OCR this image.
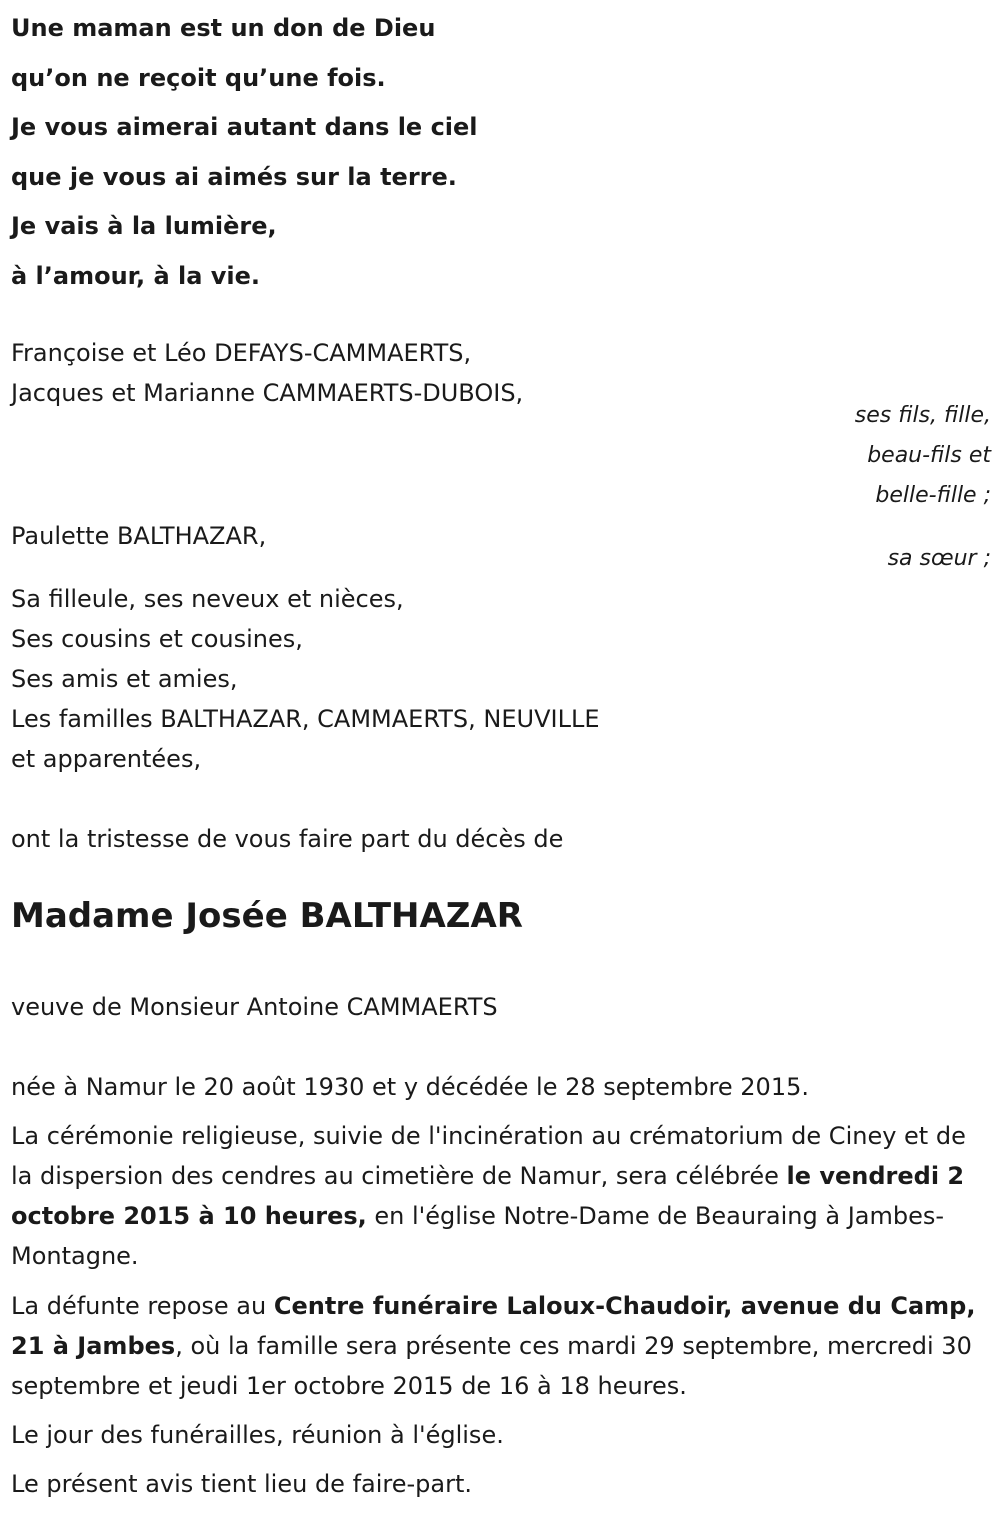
Une maman est un don de Dieu

qu’on ne reçoit qu’une fois.

Je vous aimerai autant dans le ciel

que je vous ai aimés sur la terre.

Je vais à la lumière,

à l’amour, à la vie.

Françoise et Léo DEFAYS-CAMMAERTS,
Jacques et Marianne CAMMAERTS-DUBOIS,
ses fils, fille,
beau-fils et
belle-fille ;
Paulette BALTHAZAR,
sa sœur ;
Sa filleule, ses neveux et nièces,
Ses cousins et cousines,
Ses amis et amies,
Les familles BALTHAZAR, CAMMAERTS, NEUVILLE
et apparentées,
ont la tristesse de vous faire part du décès de
Madame Josée BALTHAZAR
veuve de Monsieur Antoine CAMMAERTS

née à Namur le 20 août 1930 et y décédée le 28 septembre 2015.

La cérémonie religieuse, suivie de l'incinération au crématorium de Ciney et de la dispersion des cendres au cimetière de Namur, sera célébrée le vendredi 2 octobre 2015 à 10 heures, en l'église Notre-Dame de Beauraing à Jambes-Montagne.

La défunte repose au Centre funéraire Laloux-Chaudoir, avenue du Camp, 21 à Jambes, où la famille sera présente ces mardi 29 septembre, mercredi 30 septembre et jeudi 1er octobre 2015 de 16 à 18 heures.

Le jour des funérailles, réunion à l'église.

Le présent avis tient lieu de faire-part.
